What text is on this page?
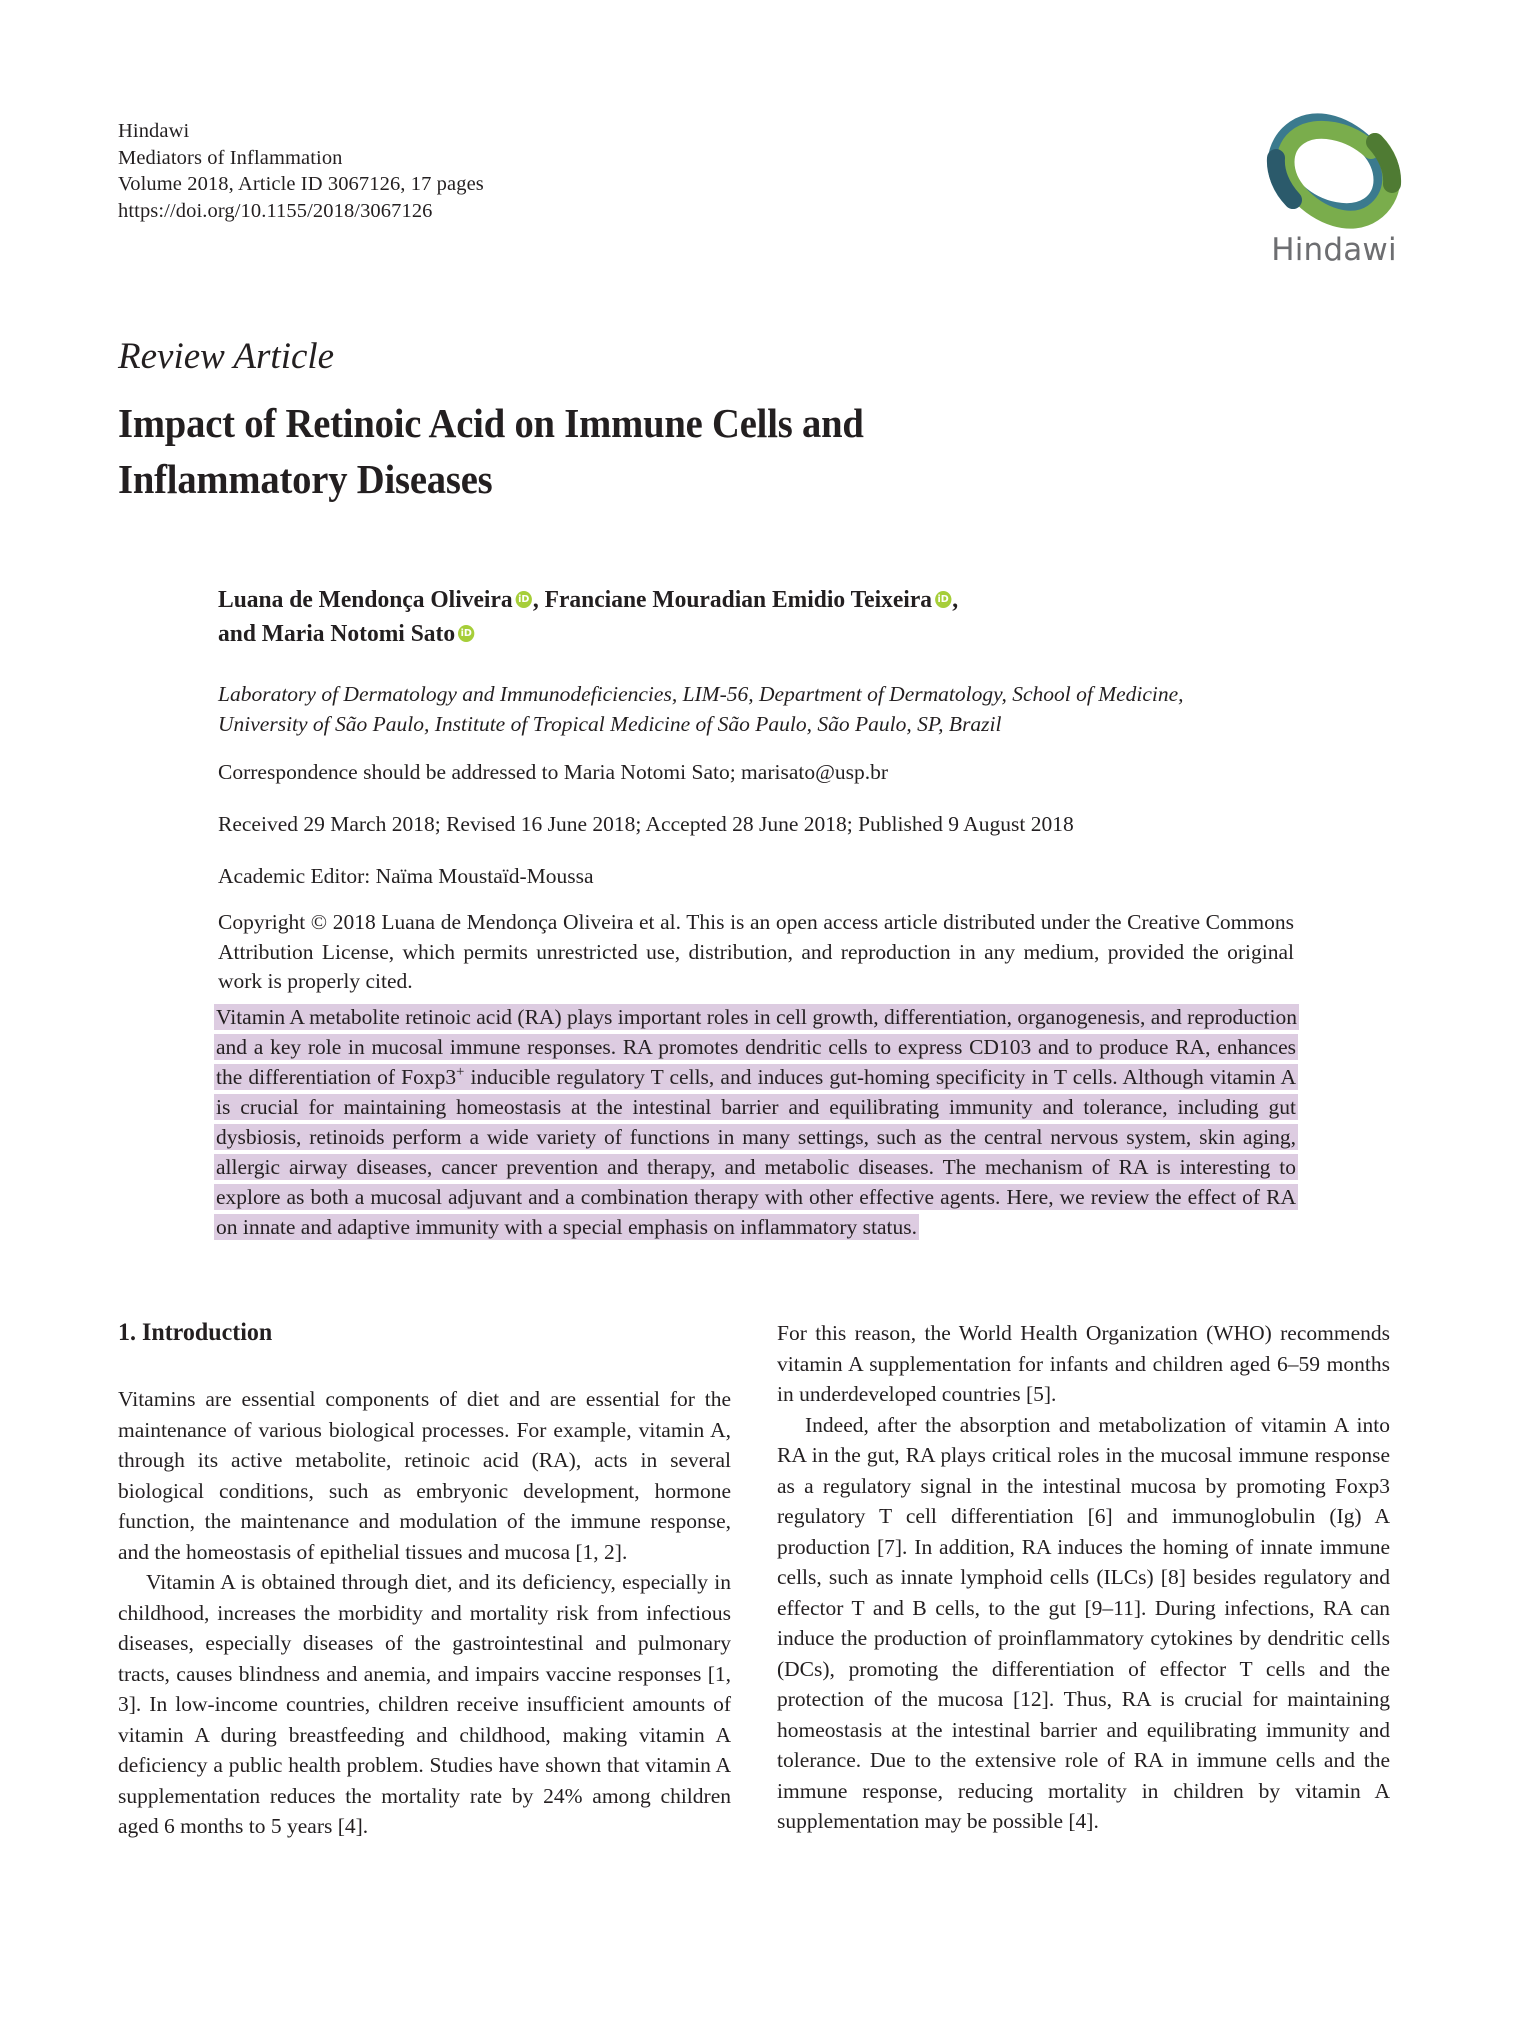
Hindawi
Mediators of Inflammation
Volume 2018, Article ID 3067126, 17 pages
https://doi.org/10.1155/2018/3067126
Hindawi
Review Article
Impact of Retinoic Acid on Immune Cells and
Inflammatory Diseases
Luana de Mendonça Oliveira iD , Franciane Mouradian Emidio Teixeira iD ,
and Maria Notomi SatoiD
Laboratory of Dermatology and Immunodeficiencies, LIM-56, Department of Dermatology, School of Medicine,
University of São Paulo, Institute of Tropical Medicine of São Paulo, São Paulo, SP, Brazil
Correspondence should be addressed to Maria Notomi Sato; marisato@usp.br
Received 29 March 2018; Revised 16 June 2018; Accepted 28 June 2018; Published 9 August 2018
Academic Editor: Naïma Moustaïd-Moussa
Copyright © 2018 Luana de Mendonça Oliveira et al. This is an open access article distributed under the Creative Commons Attribution License, which permits unrestricted use, distribution, and reproduction in any medium, provided the original work is properly cited.

Vitamin A metabolite retinoic acid (RA) plays important roles in cell growth, differentiation, organogenesis, and reproduction and a key role in mucosal immune responses. RA promotes dendritic cells to express CD103 and to produce RA, enhances the differentiation of Foxp3+ inducible regulatory T cells, and induces gut-homing specificity in T cells. Although vitamin A is crucial for maintaining homeostasis at the intestinal barrier and equilibrating immunity and tolerance, including gut dysbiosis, retinoids perform a wide variety of functions in many settings, such as the central nervous system, skin aging, allergic airway diseases, cancer prevention and therapy, and metabolic diseases. The mechanism of RA is interesting to explore as both a mucosal adjuvant and a combination therapy with other effective agents. Here, we review the effect of RA on innate and adaptive immunity with a special emphasis on inflammatory status.

1. Introduction

Vitamins are essential components of diet and are essential for the maintenance of various biological processes. For example, vitamin A, through its active metabolite, retinoic acid (RA), acts in several biological conditions, such as embryonic development, hormone function, the maintenance and modulation of the immune response, and the homeostasis of epithelial tissues and mucosa [1, 2].

Vitamin A is obtained through diet, and its deficiency, especially in childhood, increases the morbidity and mortality risk from infectious diseases, especially diseases of the gastrointestinal and pulmonary tracts, causes blindness and anemia, and impairs vaccine responses [1, 3]. In low-income countries, children receive insufficient amounts of vitamin A during breastfeeding and childhood, making vitamin A deficiency a public health problem. Studies have shown that vitamin A supplementation reduces the mortality rate by 24% among children aged 6 months to 5 years [4].

For this reason, the World Health Organization (WHO) recommends vitamin A supplementation for infants and children aged 6–59 months in underdeveloped countries [5].

Indeed, after the absorption and metabolization of vitamin A into RA in the gut, RA plays critical roles in the mucosal immune response as a regulatory signal in the intestinal mucosa by promoting Foxp3 regulatory T cell differentiation [6] and immunoglobulin (Ig) A production [7]. In addition, RA induces the homing of innate immune cells, such as innate lymphoid cells (ILCs) [8] besides regulatory and effector T and B cells, to the gut [9–11]. During infections, RA can induce the production of proinflammatory cytokines by dendritic cells (DCs), promoting the differentiation of effector T cells and the protection of the mucosa [12]. Thus, RA is crucial for maintaining homeostasis at the intestinal barrier and equilibrating immunity and tolerance. Due to the extensive role of RA in immune cells and the immune response, reducing mortality in children by vitamin A supplementation may be possible [4].
